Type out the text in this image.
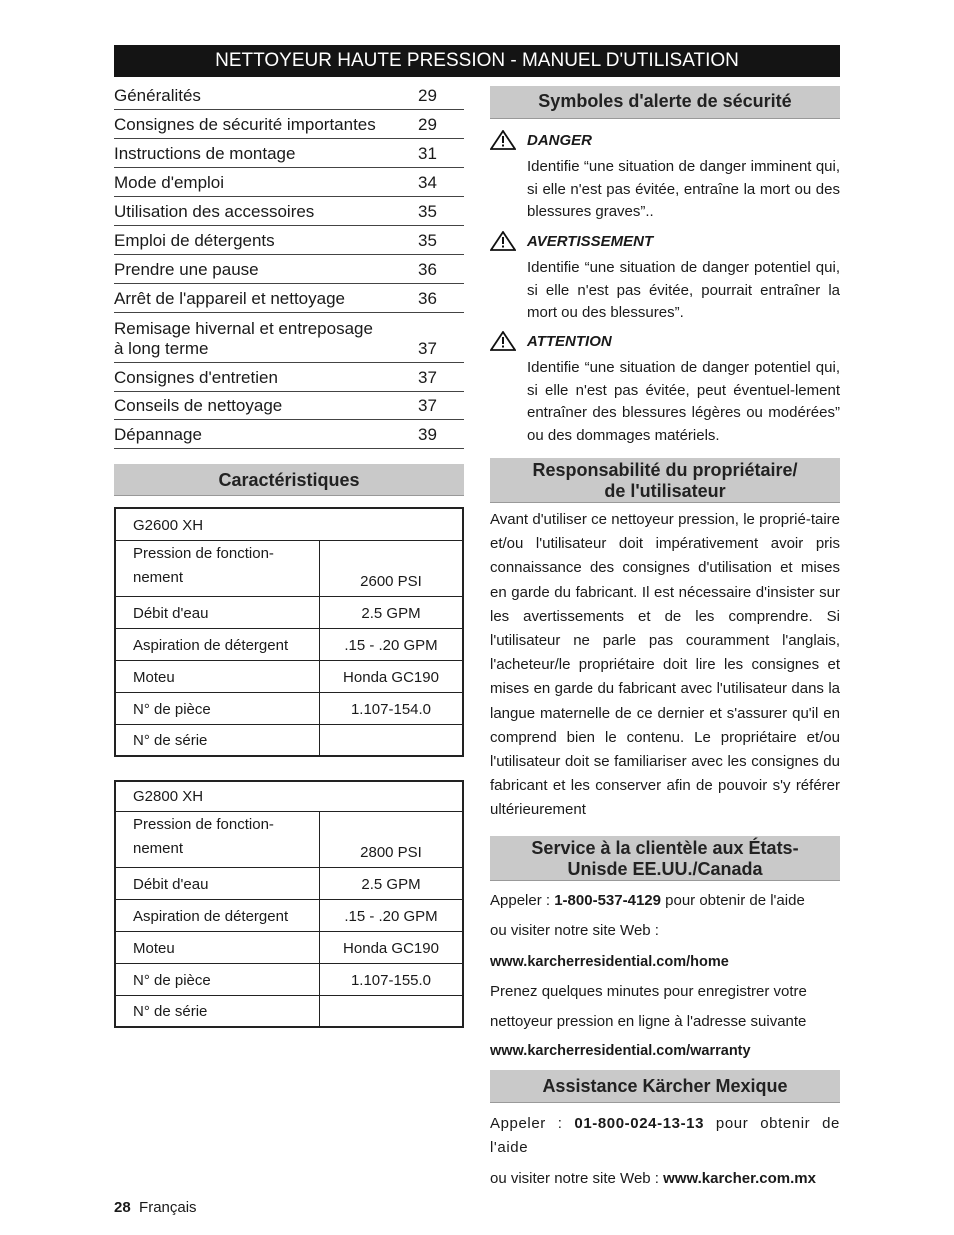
NETTOYEUR HAUTE PRESSION - MANUEL D'UTILISATION
Généralités	29
Consignes de sécurité importantes 29
Instructions de montage	31
Mode d'emploi	34
Utilisation des accessoires	35
Emploi de détergents	35
Prendre une pause	36
Arrêt de l'appareil et nettoyage	36
Remisage hivernal et entreposage
à long terme	37
Consignes d'entretien	37
Conseils de nettoyage	37
Dépannage	39
Caractéristiques
G2600 XH	
Pression de fonction-
nement	2600 PSI
Débit d'eau	2.5 GPM
Aspiration de détergent	.15 - .20 GPM
Moteu	Honda GC190
N° de pièce	1.107-154.0
N° de série	
G2800 XH	
Pression de fonction-
nement	2800 PSI
Débit d'eau	2.5 GPM
Aspiration de détergent	.15 - .20 GPM
Moteu	Honda GC190
N° de pièce	1.107-155.0
N° de série	
Symboles d'alerte de sécurité
DANGER
Identifie “une situation de danger imminent qui, si elle n'est pas évitée, entraîne la mort ou des blessures graves”..
AVERTISSEMENT
Identifie “une situation de danger potentiel qui, si elle n'est pas évitée, pourrait entraîner la mort ou des blessures”.
ATTENTION
Identifie “une situation de danger potentiel qui, si elle n'est pas évitée, peut éventuel-lement entraîner des blessures légères ou modérées” ou des dommages matériels.
Responsabilité du propriétaire/
de l'utilisateur
Avant d'utiliser ce nettoyeur pression, le proprié-taire et/ou l'utilisateur doit impérativement avoir pris connaissance des consignes d'utilisation et mises en garde du fabricant. Il est nécessaire d'insister sur les avertissements et de les comprendre. Si l'utilisateur ne parle pas couramment l'anglais, l'acheteur/le propriétaire doit lire les consignes et mises en garde du fabricant avec l'utilisateur dans la langue maternelle de ce dernier et s'assurer qu'il en comprend bien le contenu. Le propriétaire et/ou l'utilisateur doit se familiariser avec les consignes du fabricant et les conserver afin de pouvoir s'y référer ultérieurement
Service à la clientèle aux États-
Unisde EE.UU./Canada
Appeler : 1-800-537-4129 pour obtenir de l'aide
ou visiter notre site Web :
www.karcherresidential.com/home
Prenez quelques minutes pour enregistrer votre
nettoyeur pression en ligne à l'adresse suivante
www.karcherresidential.com/warranty
Assistance Kärcher Mexique
Appeler : 01-800-024-13-13 pour obtenir de l'aide
ou visiter notre site Web : www.karcher.com.mx
28 Français
